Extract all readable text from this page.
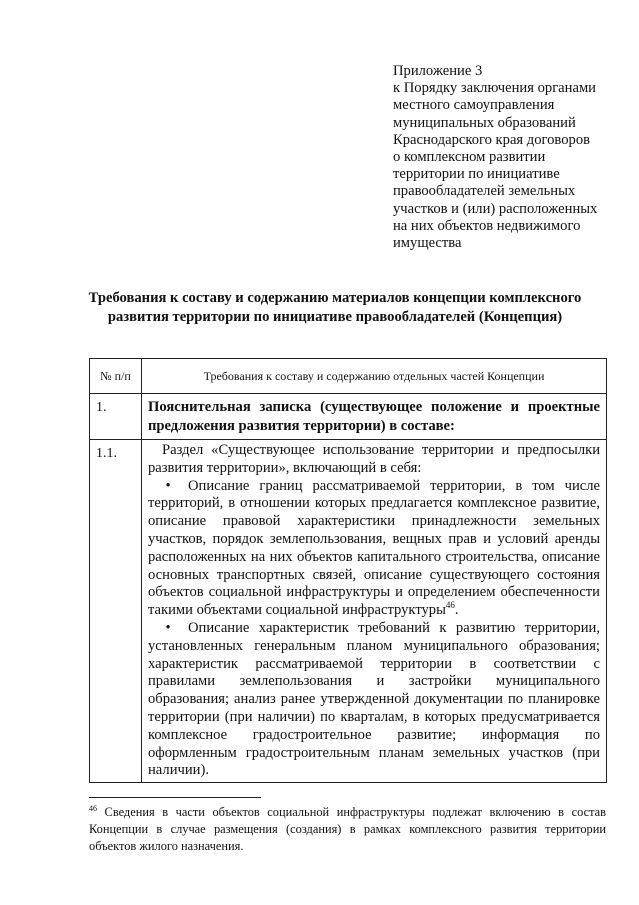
Приложение 3
к Порядку заключения органами
местного самоуправления
муниципальных образований
Краснодарского края договоров
о комплексном развитии
территории по инициативе
правообладателей земельных
участков и (или) расположенных
на них объектов недвижимого
имущества
Требования к составу и содержанию материалов концепции комплексного
развития территории по инициативе правообладателей (Концепция)
№ п/п	Требования к составу и содержанию отдельных частей Концепции
1.	Пояснительная записка (существующее положение и проектные предложения развития территории) в составе:
1.1.	Раздел «Существующее использование территории и предпосылки развития территории», включающий в себя:

• Описание границ рассматриваемой территории, в том числе территорий, в отношении которых предлагается комплексное развитие, описание правовой характеристики принадлежности земельных участков, порядок землепользования, вещных прав и условий аренды расположенных на них объектов капитального строительства, описание основных транспортных связей, описание существующего состояния объектов социальной инфраструктуры и определением обеспеченности такими объектами социальной инфраструктуры$^{46}$.

• Описание характеристик требований к развитию территории, установленных генеральным планом муниципального образования; характеристик рассматриваемой территории в соответствии с правилами землепользования и застройки муниципального образования; анализ ранее утвержденной документации по планировке территории (при наличии) по кварталам, в которых предусматривается комплексное градостроительное развитие; информация по оформленным градостроительным планам земельных участков (при наличии).

$^{46}$ Сведения в части объектов социальной инфраструктуры подлежат включению в состав Концепции в случае размещения (создания) в рамках комплексного развития территории объектов жилого назначения.
